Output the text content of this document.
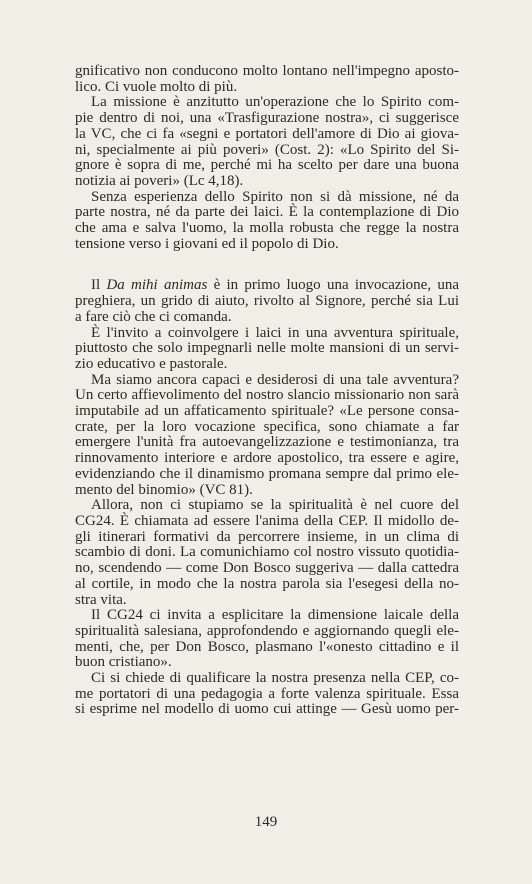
gnificativo non conducono molto lontano nell'impegno aposto-
lico. Ci vuole molto di più.
La missione è anzitutto un'operazione che lo Spirito com-
pie dentro di noi, una «Trasfigurazione nostra», ci suggerisce
la VC, che ci fa «segni e portatori dell'amore di Dio ai giova-
ni, specialmente ai più poveri» (Cost. 2): «Lo Spirito del Si-
gnore è sopra di me, perché mi ha scelto per dare una buona
notizia ai poveri» (Lc 4,18).
Senza esperienza dello Spirito non si dà missione, né da
parte nostra, né da parte dei laici. È la contemplazione di Dio
che ama e salva l'uomo, la molla robusta che regge la nostra
tensione verso i giovani ed il popolo di Dio.
Il Da mihi animas è in primo luogo una invocazione, una
preghiera, un grido di aiuto, rivolto al Signore, perché sia Lui
a fare ciò che ci comanda.
È l'invito a coinvolgere i laici in una avventura spirituale,
piuttosto che solo impegnarli nelle molte mansioni di un servi-
zio educativo e pastorale.
Ma siamo ancora capaci e desiderosi di una tale avventura?
Un certo affievolimento del nostro slancio missionario non sarà
imputabile ad un affaticamento spirituale? «Le persone consa-
crate, per la loro vocazione specifica, sono chiamate a far
emergere l'unità fra autoevangelizzazione e testimonianza, tra
rinnovamento interiore e ardore apostolico, tra essere e agire,
evidenziando che il dinamismo promana sempre dal primo ele-
mento del binomio» (VC 81).
Allora, non ci stupiamo se la spiritualità è nel cuore del
CG24. È chiamata ad essere l'anima della CEP. Il midollo de-
gli itinerari formativi da percorrere insieme, in un clima di
scambio di doni. La comunichiamo col nostro vissuto quotidia-
no, scendendo — come Don Bosco suggeriva — dalla cattedra
al cortile, in modo che la nostra parola sia l'esegesi della no-
stra vita.
Il CG24 ci invita a esplicitare la dimensione laicale della
spiritualità salesiana, approfondendo e aggiornando quegli ele-
menti, che, per Don Bosco, plasmano l'«onesto cittadino e il
buon cristiano».
Ci si chiede di qualificare la nostra presenza nella CEP, co-
me portatori di una pedagogia a forte valenza spirituale. Essa
si esprime nel modello di uomo cui attinge — Gesù uomo per-
149
